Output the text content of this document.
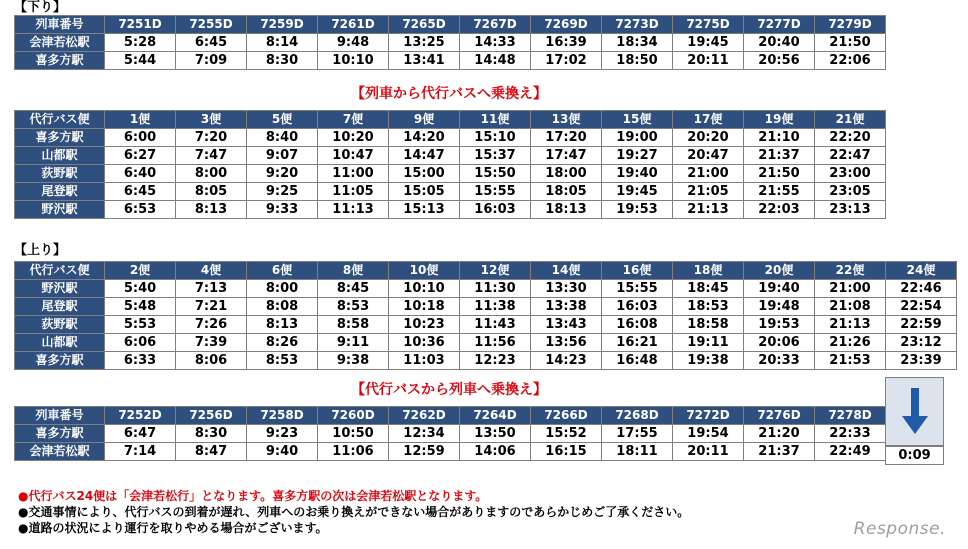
【下り】
列車番号	7251D	7255D	7259D	7261D	7265D	7267D	7269D	7273D	7275D	7277D	7279D
会津若松駅	5:28	6:45	8:14	9:48	13:25	14:33	16:39	18:34	19:45	20:40	21:50
喜多方駅	5:44	7:09	8:30	10:10	13:41	14:48	17:02	18:50	20:11	20:56	22:06
【列車から代行バスへ乗換え】
代行バス便	1便	3便	5便	7便	9便	11便	13便	15便	17便	19便	21便
喜多方駅	6:00	7:20	8:40	10:20	14:20	15:10	17:20	19:00	20:20	21:10	22:20
山都駅	6:27	7:47	9:07	10:47	14:47	15:37	17:47	19:27	20:47	21:37	22:47
荻野駅	6:40	8:00	9:20	11:00	15:00	15:50	18:00	19:40	21:00	21:50	23:00
尾登駅	6:45	8:05	9:25	11:05	15:05	15:55	18:05	19:45	21:05	21:55	23:05
野沢駅	6:53	8:13	9:33	11:13	15:13	16:03	18:13	19:53	21:13	22:03	23:13
【上り】
代行バス便	2便	4便	6便	8便	10便	12便	14便	16便	18便	20便	22便	24便
野沢駅	5:40	7:13	8:00	8:45	10:10	11:30	13:30	15:55	18:45	19:40	21:00	22:46
尾登駅	5:48	7:21	8:08	8:53	10:18	11:38	13:38	16:03	18:53	19:48	21:08	22:54
荻野駅	5:53	7:26	8:13	8:58	10:23	11:43	13:43	16:08	18:58	19:53	21:13	22:59
山都駅	6:06	7:39	8:26	9:11	10:36	11:56	13:56	16:21	19:11	20:06	21:26	23:12
喜多方駅	6:33	8:06	8:53	9:38	11:03	12:23	14:23	16:48	19:38	20:33	21:53	23:39
【代行バスから列車へ乗換え】
列車番号	7252D	7256D	7258D	7260D	7262D	7264D	7266D	7268D	7272D	7276D	7278D
喜多方駅	6:47	8:30	9:23	10:50	12:34	13:50	15:52	17:55	19:54	21:20	22:33
会津若松駅	7:14	8:47	9:40	11:06	12:59	14:06	16:15	18:11	20:11	21:37	22:49 0:09
●代行バス24便は「会津若松行」となります。喜多方駅の次は会津若松駅となります。
●交通事情により、代行バスの到着が遅れ、列車へのお乗り換えができない場合がありますのであらかじめご了承ください。
●道路の状況により運行を取りやめる場合がございます。	Response.
